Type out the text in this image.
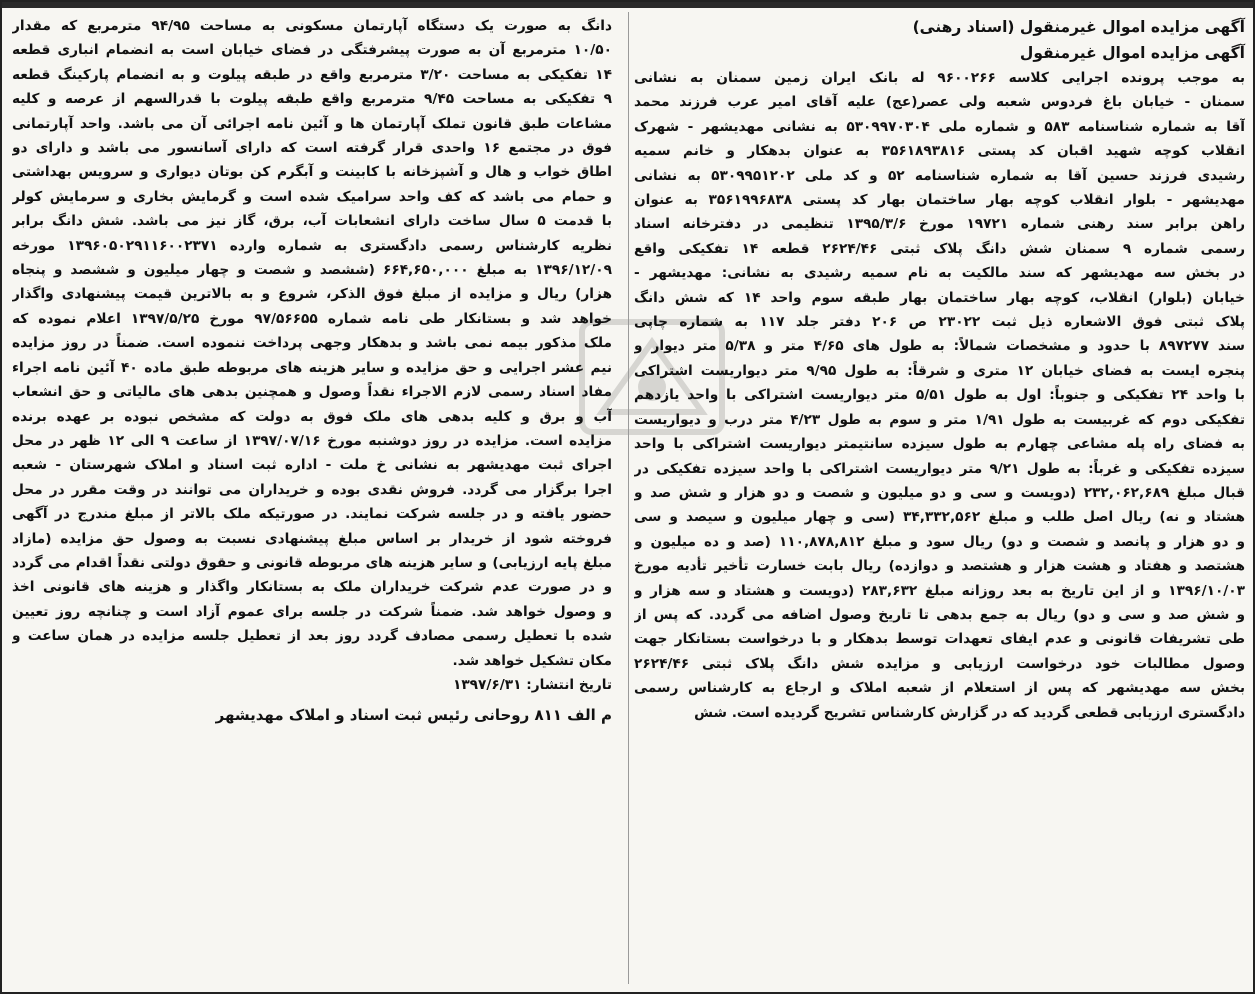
آگهی مزایده اموال غیرمنقول (اسناد رهنی)
آگهی مزایده اموال غیرمنقول
به موجب پرونده اجرایی کلاسه ۹۶۰۰۲۶۶ له بانک ایران زمین سمنان به نشانی
سمنان - خیابان باغ فردوس شعبه ولی عصر(عج) علیه آقای امیر عرب فرزند محمد
آقا به شماره شناسنامه ۵۸۳ و شماره ملی ۵۳۰۹۹۷۰۳۰۴ به نشانی مهدیشهر - شهرک
انقلاب کوچه شهید اقبان کد پستی ۳۵۶۱۸۹۳۸۱۶ به عنوان بدهکار و خانم سمیه
رشیدی فرزند حسین آقا به شماره شناسنامه ۵۲ و کد ملی ۵۳۰۹۹۵۱۲۰۲ به نشانی
مهدیشهر - بلوار انقلاب کوچه بهار ساختمان بهار کد پستی ۳۵۶۱۹۹۶۸۳۸ به عنوان
راهن برابر سند رهنی شماره ۱۹۷۲۱ مورخ ۱۳۹۵/۳/۶ تنظیمی در دفترخانه اسناد
رسمی شماره ۹ سمنان شش دانگ پلاک ثبتی ۲۶۲۴/۴۶ قطعه ۱۴ تفکیکی واقع
در بخش سه مهدیشهر که سند مالکیت به نام سمیه رشیدی به نشانی: مهدیشهر -
خیابان (بلوار) انقلاب، کوچه بهار ساختمان بهار طبقه سوم واحد ۱۴ که شش دانگ
پلاک ثبتی فوق الاشعاره ذیل ثبت ۲۳۰۲۲ ص ۲۰۶ دفتر جلد ۱۱۷ به شماره چاپی
سند ۸۹۷۲۷۷ با حدود و مشخصات شمالاً: به طول های ۴/۶۵ متر و ۵/۳۸ متر دیوار و
پنجره ایست به فضای خیابان ۱۲ متری و شرقاً: به طول ۹/۹۵ متر دیواریست اشتراکی
با واحد ۲۴ تفکیکی و جنوباً: اول به طول ۵/۵۱ متر دیواریست اشتراکی با واحد یازدهم
تفکیکی دوم که غربیست به طول ۱/۹۱ متر و سوم به طول ۴/۲۳ متر درب و دیواریست
به فضای راه پله مشاعی چهارم به طول سیزده سانتیمتر دیواریست اشتراکی با واحد
سیزده تفکیکی و غرباً: به طول ۹/۲۱ متر دیواریست اشتراکی با واحد سیزده تفکیکی در
قبال مبلغ ۲۳۲,۰۶۲,۶۸۹ (دویست و سی و دو میلیون و شصت و دو هزار و شش صد و
هشتاد و نه) ریال اصل طلب و مبلغ ۳۴,۳۳۲,۵۶۲ (سی و چهار میلیون و سیصد و سی
و دو هزار و پانصد و شصت و دو) ریال سود و مبلغ ۱۱۰,۸۷۸,۸۱۲ (صد و ده میلیون و
هشتصد و هفتاد و هشت هزار و هشتصد و دوازده) ریال بابت خسارت تأخیر تأدیه مورخ
۱۳۹۶/۱۰/۰۳ و از این تاریخ به بعد روزانه مبلغ ۲۸۳,۶۳۲ (دویست و هشتاد و سه هزار و
و شش صد و سی و دو) ریال به جمع بدهی تا تاریخ وصول اضافه می گردد. که پس از
طی تشریفات قانونی و عدم ایفای تعهدات توسط بدهکار و با درخواست بستانکار جهت
وصول مطالبات خود درخواست ارزیابی و مزایده شش دانگ پلاک ثبتی ۲۶۲۴/۴۶
بخش سه مهدیشهر که پس از استعلام از شعبه املاک و ارجاع به کارشناس رسمی
دادگستری ارزیابی قطعی گردید که در گزارش کارشناس تشریح گردیده است. شش
دانگ به صورت یک دستگاه آپارتمان مسکونی به مساحت ۹۴/۹۵ مترمربع که مقدار
۱۰/۵۰ مترمربع آن به صورت پیشرفتگی در فضای خیابان است به انضمام انباری قطعه
۱۴ تفکیکی به مساحت ۳/۲۰ مترمربع واقع در طبقه پیلوت و به انضمام پارکینگ قطعه
۹ تفکیکی به مساحت ۹/۴۵ مترمربع واقع طبقه پیلوت با قدرالسهم از عرصه و کلیه
مشاعات طبق قانون تملک آپارتمان ها و آئین نامه اجرائی آن می باشد. واحد آپارتمانی
فوق در مجتمع ۱۶ واحدی قرار گرفته است که دارای آسانسور می باشد و دارای دو
اطاق خواب و هال و آشپزخانه با کابینت و آبگرم کن بوتان دیواری و سرویس بهداشتی
و حمام می باشد که کف واحد سرامیک شده است و گرمایش بخاری و سرمایش کولر
با قدمت ۵ سال ساخت دارای انشعابات آب، برق، گاز نیز می باشد. شش دانگ برابر
نظریه کارشناس رسمی دادگستری به شماره وارده ۱۳۹۶۰۵۰۲۹۱۱۶۰۰۲۳۷۱ مورخه
۱۳۹۶/۱۲/۰۹ به مبلغ ۶۶۴,۶۵۰,۰۰۰ (ششصد و شصت و چهار میلیون و ششصد و پنجاه
هزار) ریال و مزایده از مبلغ فوق الذکر، شروع و به بالاترین قیمت پیشنهادی واگذار
خواهد شد و بستانکار طی نامه شماره ۹۷/۵۶۶۵۵ مورخ ۱۳۹۷/۵/۲۵ اعلام نموده که
ملک مذکور بیمه نمی باشد و بدهکار وجهی پرداخت ننموده است. ضمناً در روز مزایده
نیم عشر اجرایی و حق مزایده و سایر هزینه های مربوطه طبق ماده ۴۰ آئین نامه اجراء
مفاد اسناد رسمی لازم الاجراء نقداً وصول و همچنین بدهی های مالیاتی و حق انشعاب
آب و برق و کلیه بدهی های ملک فوق به دولت که مشخص نبوده بر عهده برنده
مزایده است. مزایده در روز دوشنبه مورخ ۱۳۹۷/۰۷/۱۶ از ساعت ۹ الی ۱۲ ظهر در محل
اجرای ثبت مهدیشهر به نشانی خ ملت - اداره ثبت اسناد و املاک شهرستان - شعبه
اجرا برگزار می گردد. فروش نقدی بوده و خریداران می توانند در وقت مقرر در محل
حضور یافته و در جلسه شرکت نمایند. در صورتیکه ملک بالاتر از مبلغ مندرج در آگهی
فروخته شود از خریدار بر اساس مبلغ پیشنهادی نسبت به وصول حق مزایده (مازاد
مبلغ پایه ارزیابی) و سایر هزینه های مربوطه قانونی و حقوق دولتی نقداً اقدام می گردد
و در صورت عدم شرکت خریداران ملک به بستانکار واگذار و هزینه های قانونی اخذ
و وصول خواهد شد. ضمناً شرکت در جلسه برای عموم آزاد است و چنانچه روز تعیین
شده با تعطیل رسمی مصادف گردد روز بعد از تعطیل جلسه مزایده در همان ساعت و
مکان تشکیل خواهد شد.
تاریخ انتشار: ۱۳۹۷/۶/۳۱
م الف ۸۱۱ روحانی رئیس ثبت اسناد و املاک مهدیشهر
